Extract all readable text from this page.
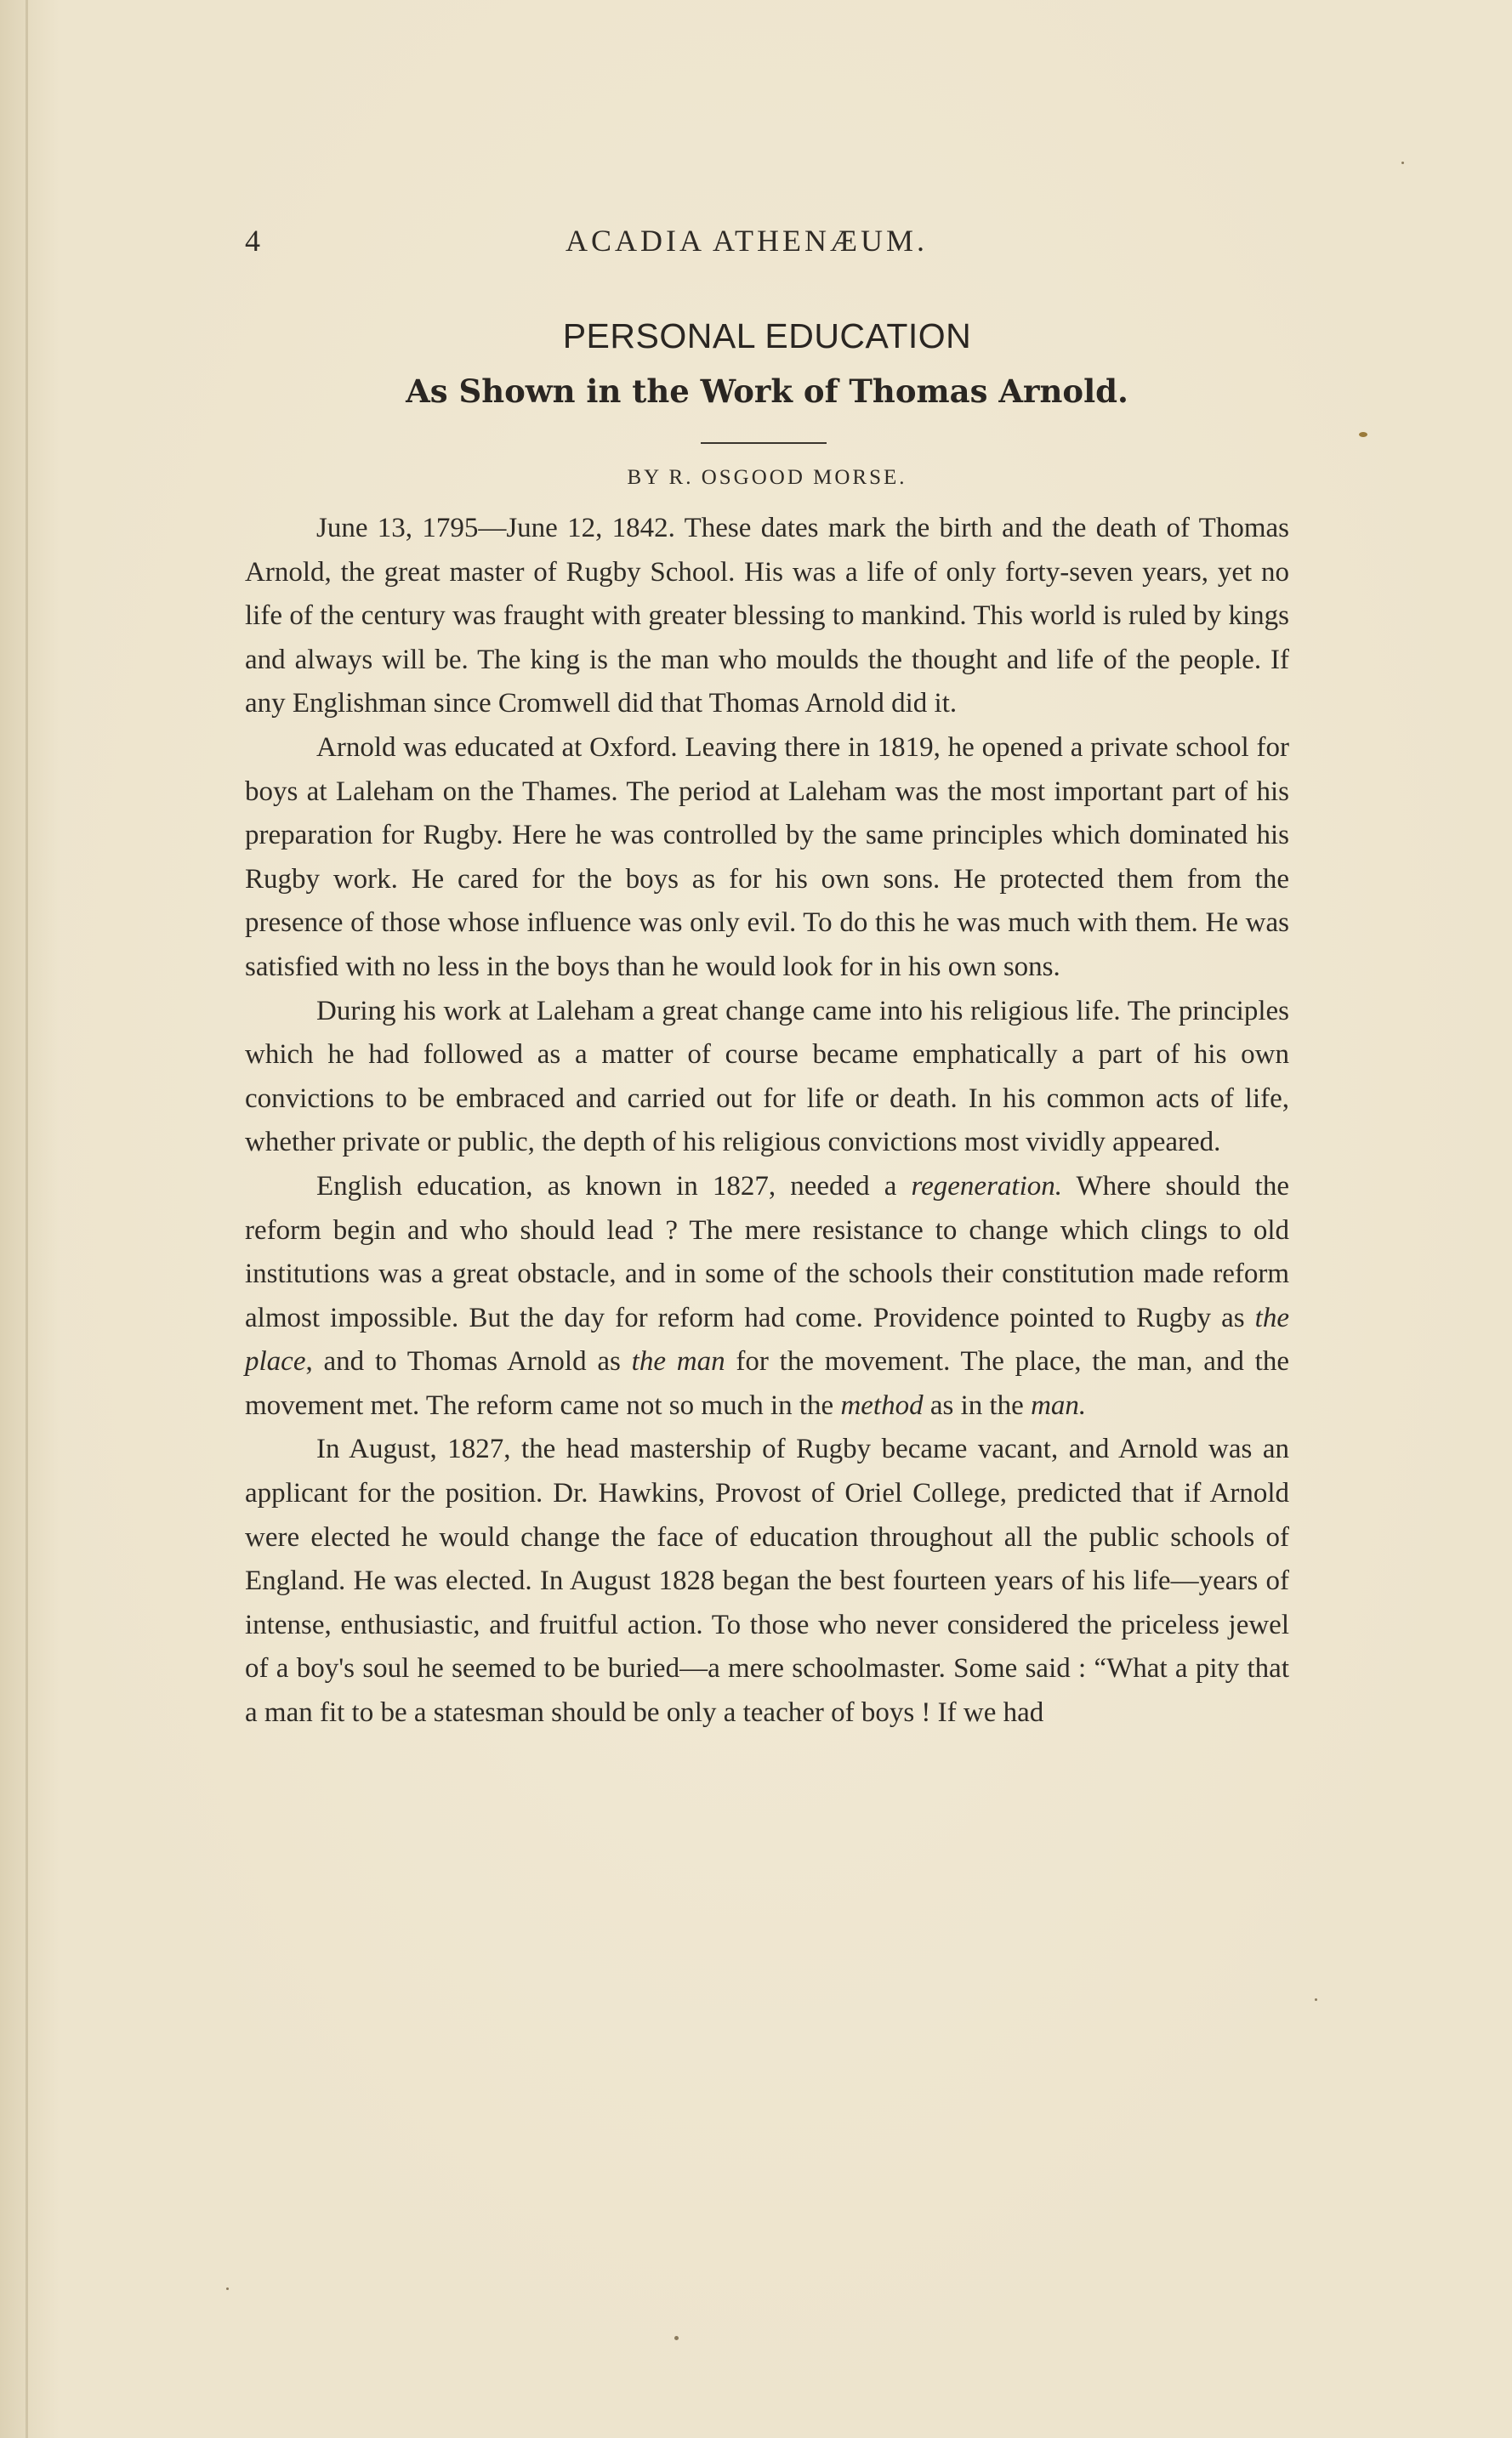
4	ACADIA ATHENÆUM.
PERSONAL EDUCATION
As Shown in the Work of Thomas Arnold.
BY R. OSGOOD MORSE.

June 13, 1795—June 12, 1842. These dates mark the birth and the death of Thomas Arnold, the great master of Rugby School. His was a life of only forty-seven years, yet no life of the century was fraught with greater blessing to mankind. This world is ruled by kings and always will be. The king is the man who moulds the thought and life of the people. If any Englishman since Cromwell did that Thomas Arnold did it.

Arnold was educated at Oxford. Leaving there in 1819, he opened a private school for boys at Laleham on the Thames. The period at Laleham was the most important part of his preparation for Rugby. Here he was controlled by the same principles which dominated his Rugby work. He cared for the boys as for his own sons. He protected them from the presence of those whose influence was only evil. To do this he was much with them. He was satisfied with no less in the boys than he would look for in his own sons.

During his work at Laleham a great change came into his religious life. The principles which he had followed as a matter of course became emphatically a part of his own convictions to be embraced and carried out for life or death. In his common acts of life, whether private or public, the depth of his religious convictions most vividly appeared.

English education, as known in 1827, needed a regeneration. Where should the reform begin and who should lead ? The mere resistance to change which clings to old institutions was a great obstacle, and in some of the schools their constitution made reform almost impossible. But the day for reform had come. Providence pointed to Rugby as the place, and to Thomas Arnold as the man for the movement. The place, the man, and the movement met. The reform came not so much in the method as in the man.

In August, 1827, the head mastership of Rugby became vacant, and Arnold was an applicant for the position. Dr. Hawkins, Provost of Oriel College, predicted that if Arnold were elected he would change the face of education throughout all the public schools of England. He was elected. In August 1828 began the best fourteen years of his life—years of intense, enthusiastic, and fruitful action. To those who never considered the priceless jewel of a boy's soul he seemed to be buried—a mere schoolmaster. Some said : “What a pity that a man fit to be a statesman should be only a teacher of boys ! If we had
